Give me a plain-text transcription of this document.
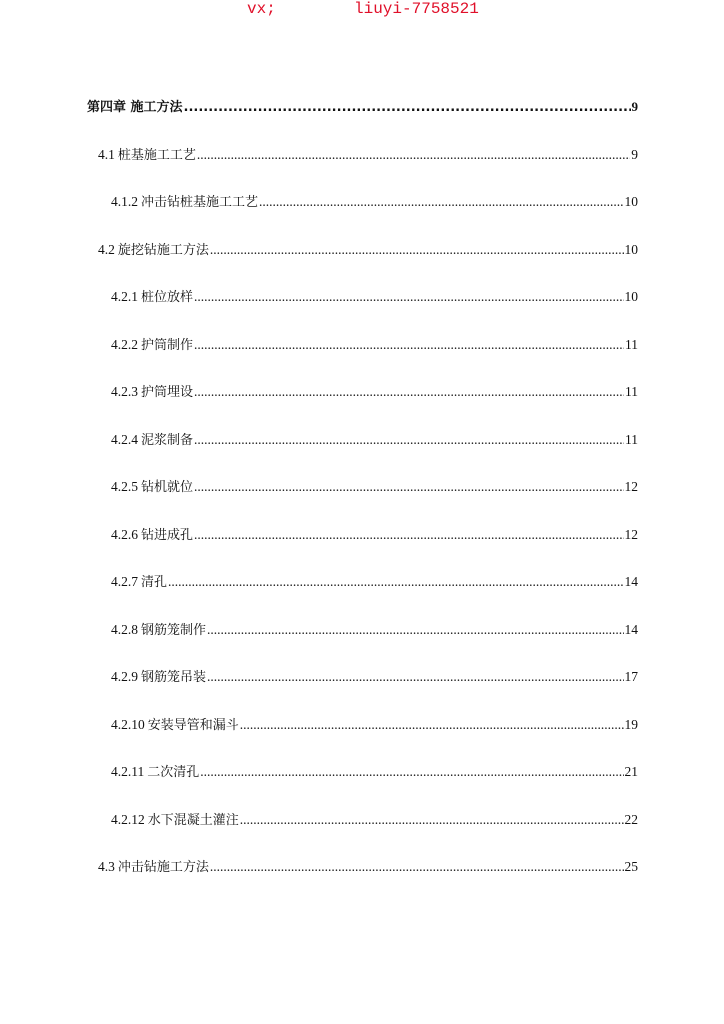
vx;

	liuyi-7758521

第四章 施工方法 .....	9
4.1 桩基施工工艺 .....	9
4.1.2 冲击钻桩基施工工艺 .....	10
4.2 旋挖钻施工方法 .....	10
4.2.1 桩位放样 .....	10
4.2.2 护筒制作 .....	11
4.2.3 护筒埋设 .....	11
4.2.4 泥浆制备 .....	11
4.2.5 钻机就位 .....	12
4.2.6 钻进成孔 .....	12
4.2.7 清孔 .....	14
4.2.8 钢筋笼制作 .....	14
4.2.9 钢筋笼吊装 .....	17
4.2.10 安装导管和漏斗 .....	19
4.2.11 二次清孔 .....	21
4.2.12 水下混凝土灌注 .....	22
4.3 冲击钻施工方法 .....	25
